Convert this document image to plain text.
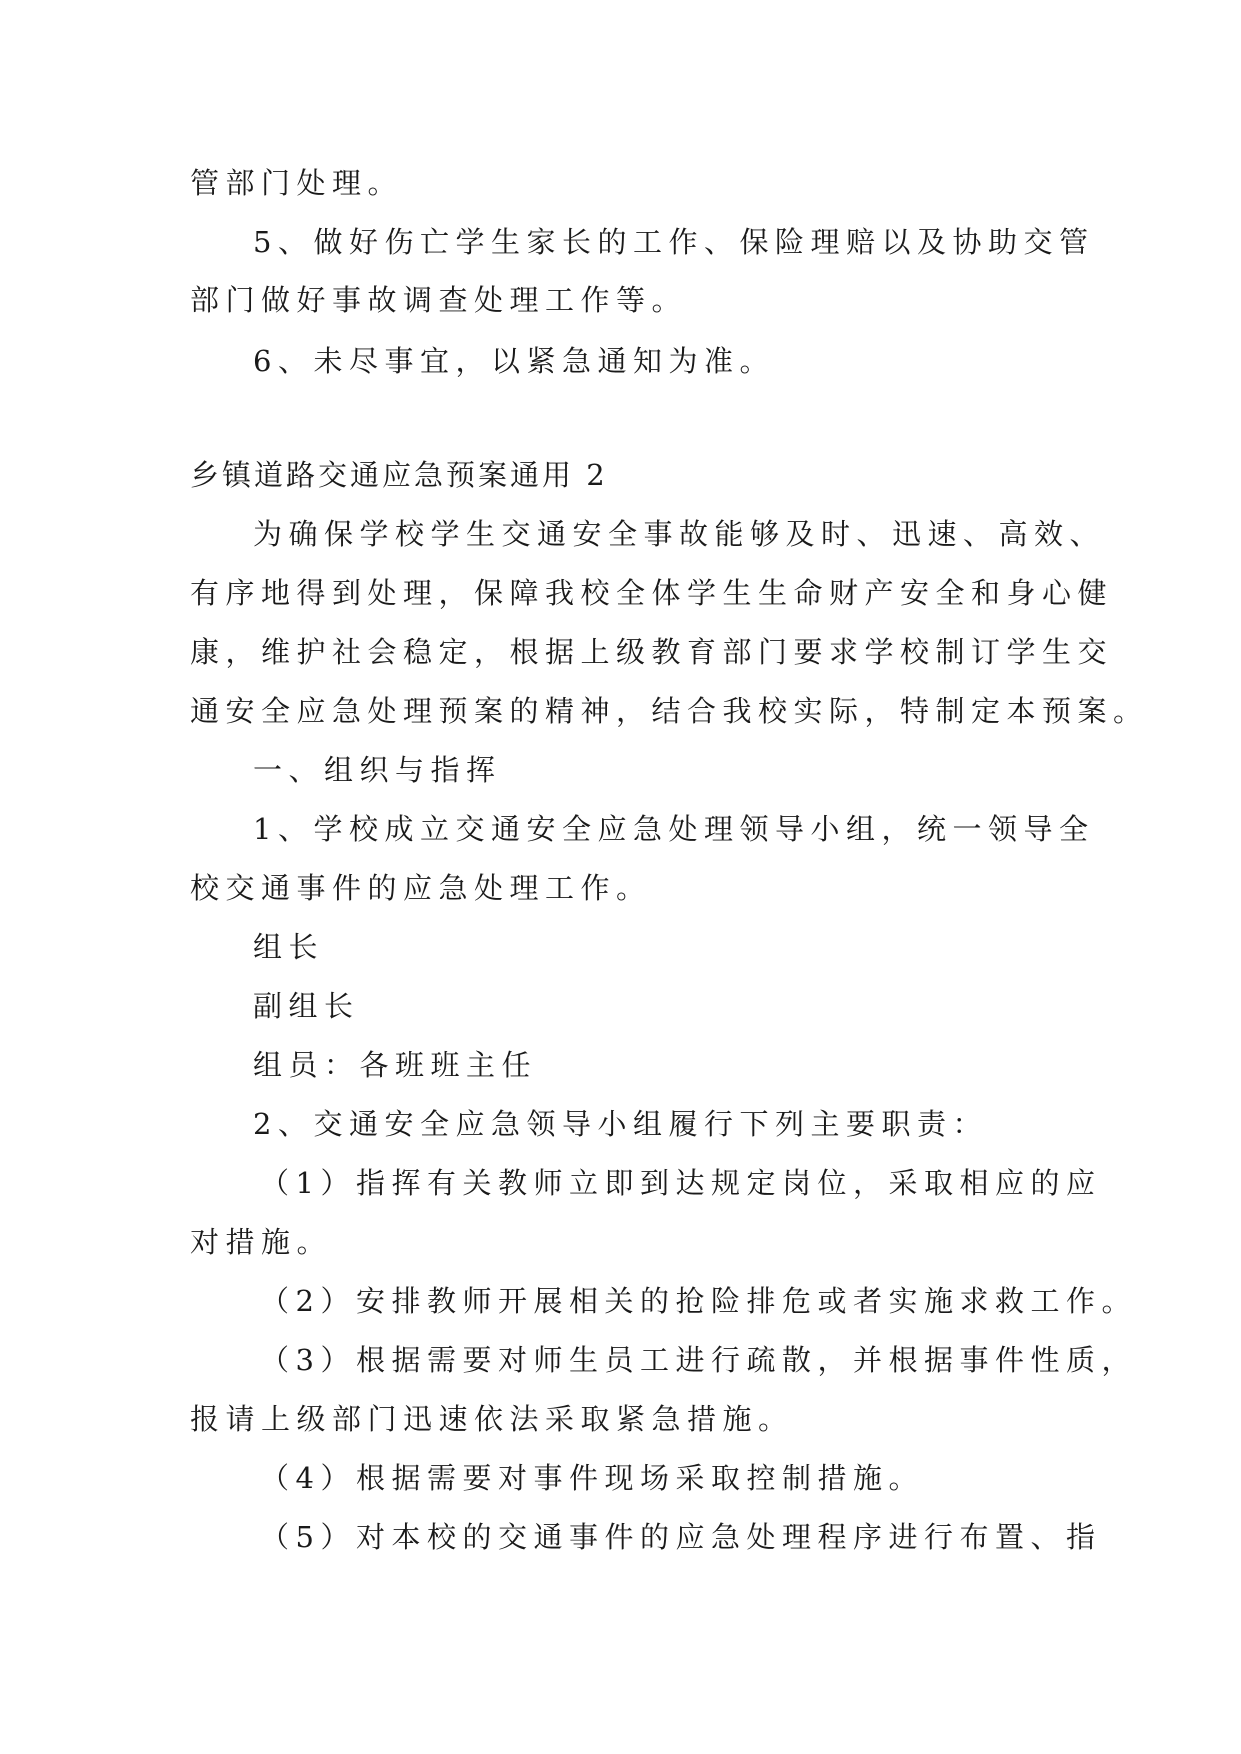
管部门处理。
5、做好伤亡学生家长的工作、保险理赔以及协助交管
部门做好事故调查处理工作等。
6、未尽事宜，以紧急通知为准。
乡镇道路交通应急预案通用 2
为确保学校学生交通安全事故能够及时、迅速、高效、
有序地得到处理，保障我校全体学生生命财产安全和身心健
康，维护社会稳定，根据上级教育部门要求学校制订学生交
通安全应急处理预案的精神，结合我校实际，特制定本预案。
一、组织与指挥
1、学校成立交通安全应急处理领导小组，统一领导全
校交通事件的应急处理工作。
组长
副组长
组员：各班班主任
2、交通安全应急领导小组履行下列主要职责：
（1）指挥有关教师立即到达规定岗位，采取相应的应
对措施。
（2）安排教师开展相关的抢险排危或者实施求救工作。
（3）根据需要对师生员工进行疏散，并根据事件性质，
报请上级部门迅速依法采取紧急措施。
（4）根据需要对事件现场采取控制措施。
（5）对本校的交通事件的应急处理程序进行布置、指
